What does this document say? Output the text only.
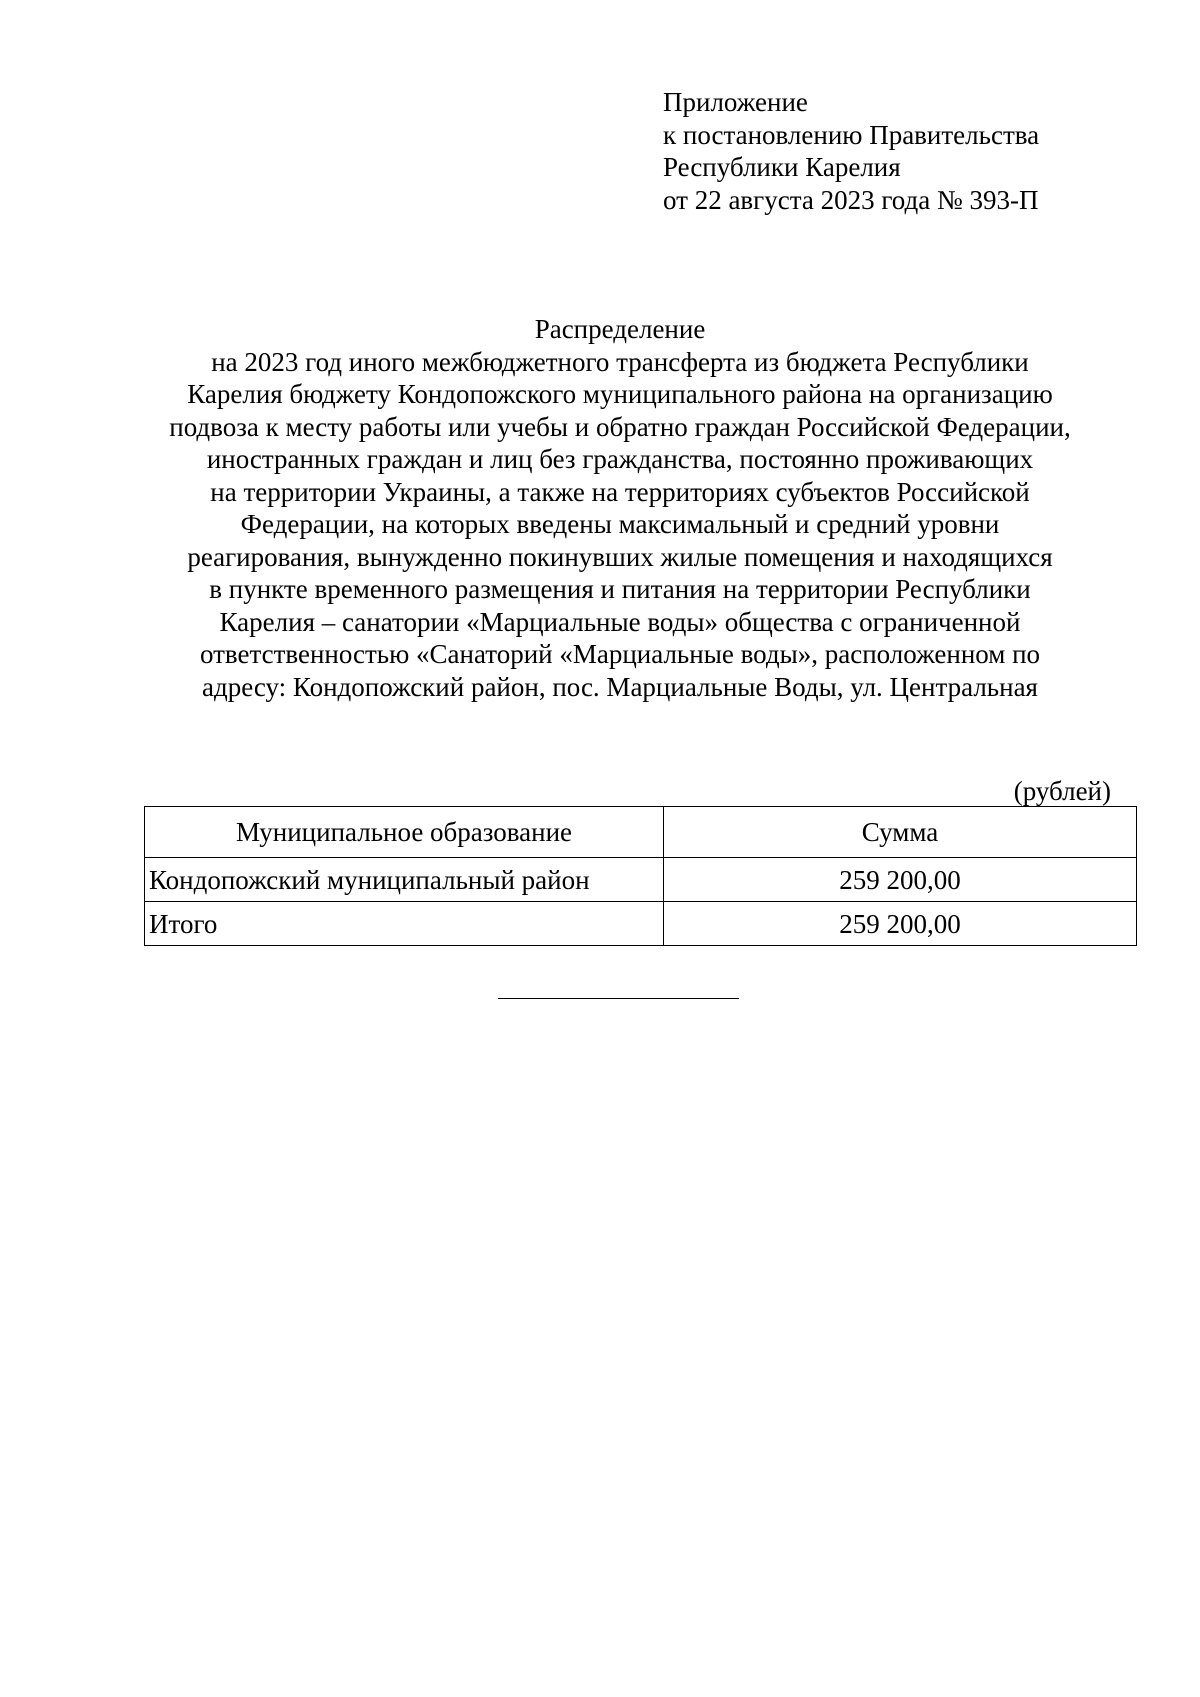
Приложение
к постановлению Правительства
Республики Карелия
от 22 августа 2023 года № 393-П
Распределение
на 2023 год иного межбюджетного трансферта из бюджета Республики
Карелия бюджету Кондопожского муниципального района на организацию
подвоза к месту работы или учебы и обратно граждан Российской Федерации,
иностранных граждан и лиц без гражданства, постоянно проживающих
на территории Украины, а также на территориях субъектов Российской
Федерации, на которых введены максимальный и средний уровни
реагирования, вынужденно покинувших жилые помещения и находящихся
в пункте временного размещения и питания на территории Республики
Карелия – санатории «Марциальные воды» общества с ограниченной
ответственностью «Санаторий «Марциальные воды», расположенном по
адресу: Кондопожский район, пос. Марциальные Воды, ул. Центральная
(рублей)
Муниципальное образование	Сумма
Кондопожский муниципальный район	259 200,00
Итого	259 200,00
